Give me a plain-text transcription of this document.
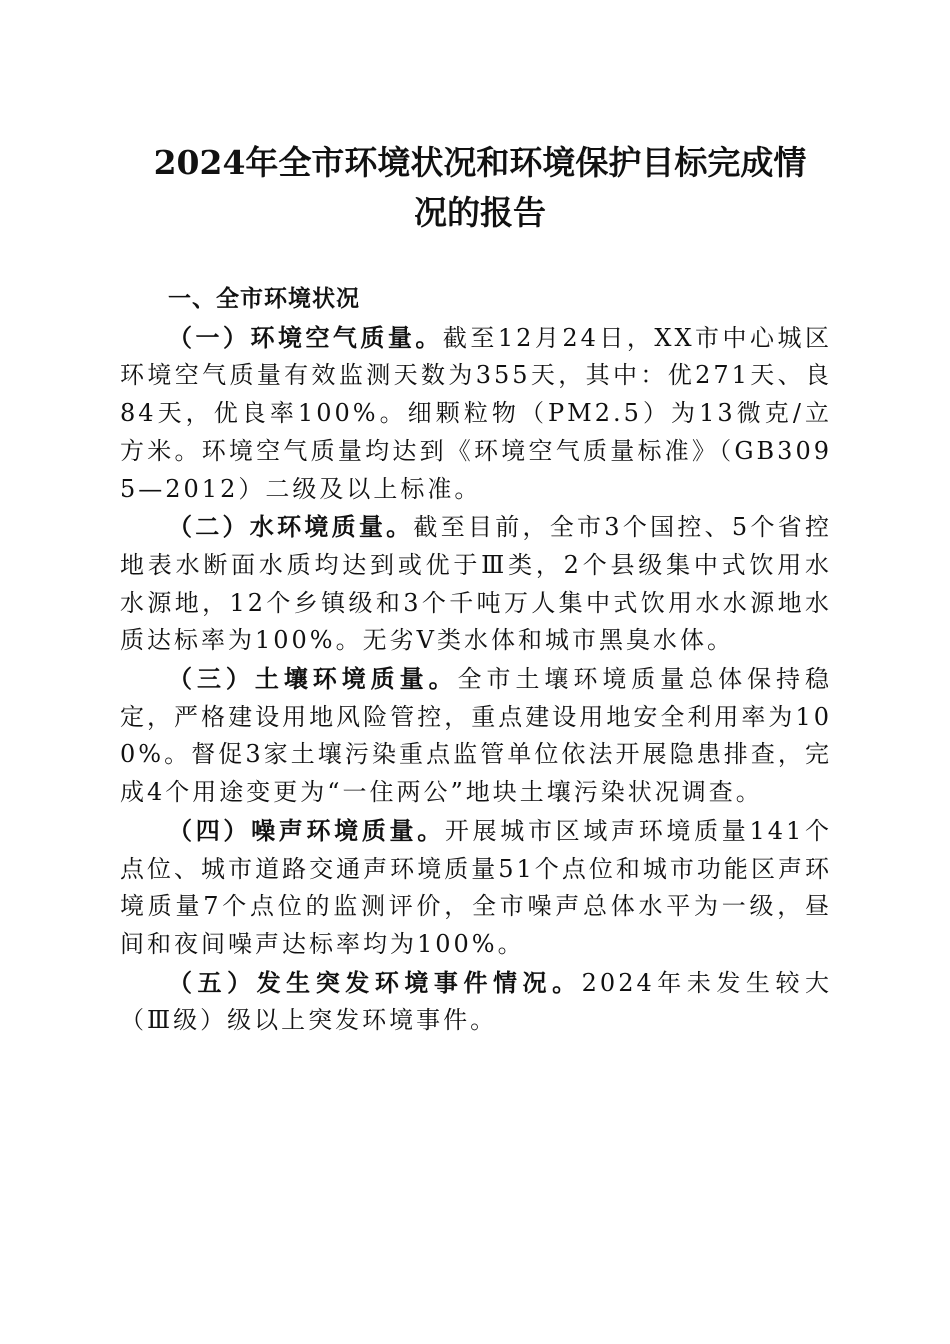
2024年全市环境状况和环境保护目标完成情
况的报告

一、全市环境状况

（一）环境空气质量。截至12月24日，XX市中心城区环境空气质量有效监测天数为355天，其中：优271天、良84天，优良率100%。细颗粒物（PM2.5）为13微克/立方米。环境空气质量均达到《环境空气质量标准》（GB3095—2012）二级及以上标准。

（二）水环境质量。截至目前，全市3个国控、5个省控地表水断面水质均达到或优于Ⅲ类，2个县级集中式饮用水水源地，12个乡镇级和3个千吨万人集中式饮用水水源地水质达标率为100%。无劣Ⅴ类水体和城市黑臭水体。

（三）土壤环境质量。全市土壤环境质量总体保持稳定，严格建设用地风险管控，重点建设用地安全利用率为100%。督促3家土壤污染重点监管单位依法开展隐患排查，完成4个用途变更为“一住两公”地块土壤污染状况调查。

（四）噪声环境质量。开展城市区域声环境质量141个点位、城市道路交通声环境质量51个点位和城市功能区声环境质量7个点位的监测评价，全市噪声总体水平为一级，昼间和夜间噪声达标率均为100%。

（五）发生突发环境事件情况。2024年未发生较大（Ⅲ级）级以上突发环境事件。
